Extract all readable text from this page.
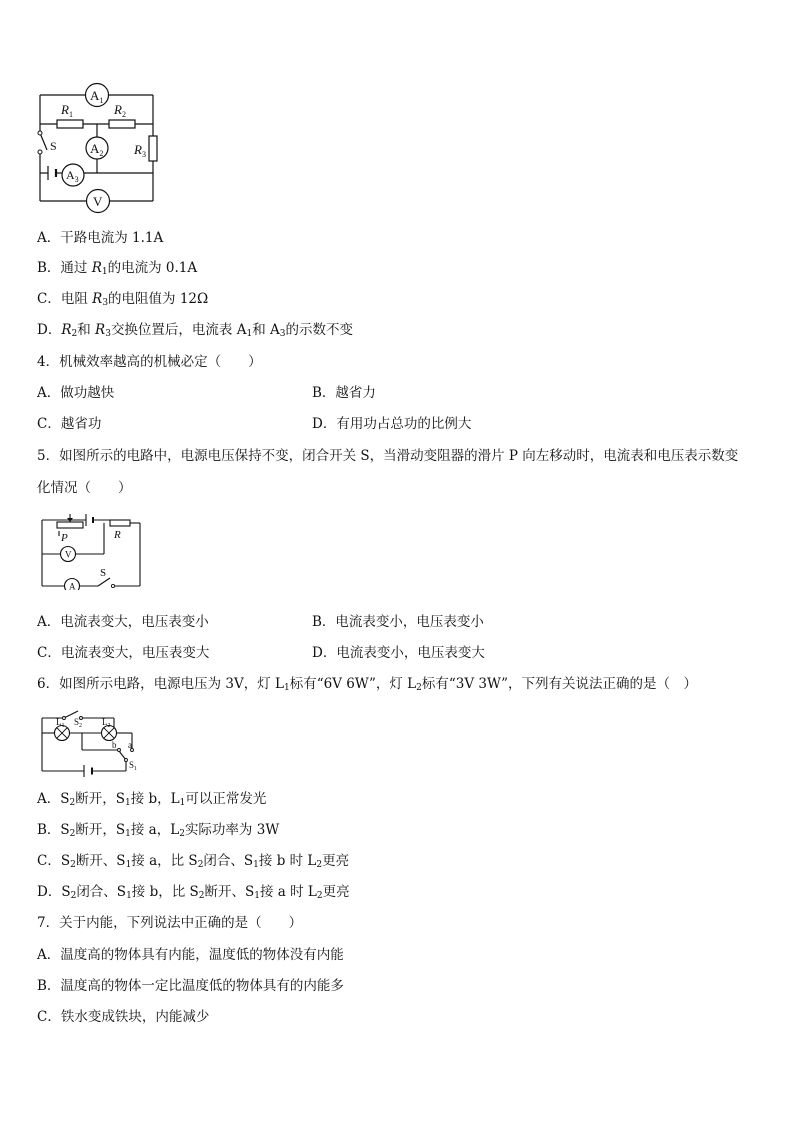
$A_1$
$R_1$	$R_2$
$A_2$ $R_3$
S
$A_3$
V
A．干路电流为 1.1A
B．通过 $R_1$的电流为 0.1A
C．电阻 $R_3$的电阻值为 12Ω
D．$R_2$和 $R_3$交换位置后，电流表 $A_1$和 $A_3$的示数不变
4．机械效率越高的机械必定（　　）
A．做功越快	B．越省力
C．越省功	D．有用功占总功的比例大
5．如图所示的电路中，电源电压保持不变，闭合开关 S，当滑动变阻器的滑片 P 向左移动时，电流表和电压表示数变
化情况（　　）
P	R
V
A
S
A．电流表变大，电压表变小	B．电流表变小，电压表变小
C．电流表变大，电压表变大	D．电流表变小，电压表变大
6．如图所示电路，电源电压为 3V，灯 $L_1$标有“6V 6W”，灯 $L_2$标有“3V 3W”，下列有关说法正确的是（　）
$L_1$ $S_2$ $L_2$
b a
$S_1$
A．$S_2$断开，$S_1$接 b，$L_1$可以正常发光
B．$S_2$断开，$S_1$接 a，$L_2$实际功率为 3W
C．$S_2$断开、$S_1$接 a，比 $S_2$闭合、$S_1$接 b 时 $L_2$更亮
D．$S_2$闭合、$S_1$接 b，比 $S_2$断开、$S_1$接 a 时 $L_2$更亮
7．关于内能，下列说法中正确的是（　　）
A．温度高的物体具有内能，温度低的物体没有内能
B．温度高的物体一定比温度低的物体具有的内能多
C．铁水变成铁块，内能减少
